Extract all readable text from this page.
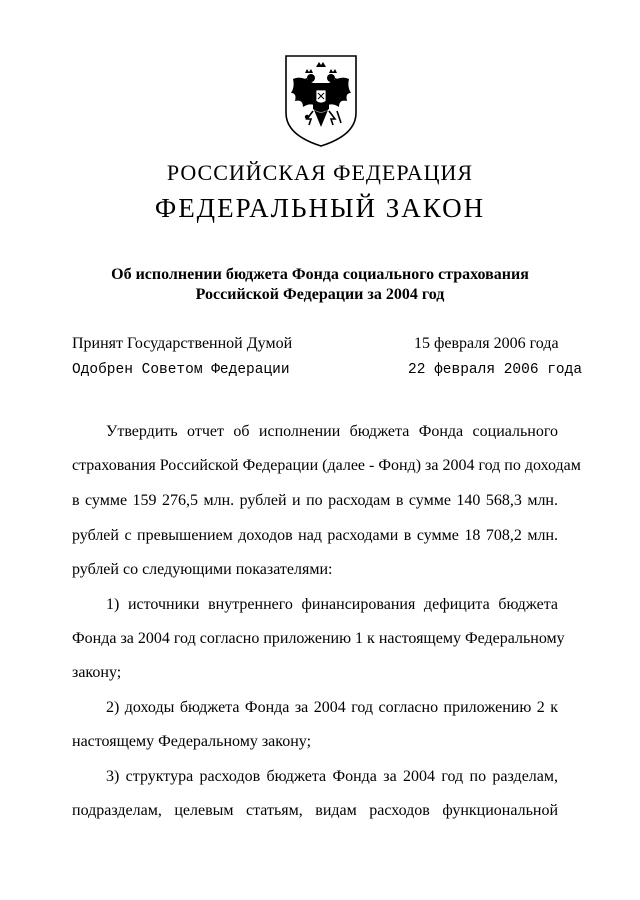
РОССИЙСКАЯ ФЕДЕРАЦИЯ
ФЕДЕРАЛЬНЫЙ ЗАКОН
Об исполнении бюджета Фонда социального страхования
Российской Федерации за 2004 год
Принят Государственной Думой	15 февраля 2006 года
Одобрен Советом Федерации	22 февраля 2006 года
Утвердить отчет об исполнении бюджета Фонда социального
страхования Российской Федерации (далее - Фонд) за 2004 год по доходам
в сумме 159 276,5 млн. рублей и по расходам в сумме 140 568,3 млн.
рублей с превышением доходов над расходами в сумме 18 708,2 млн.
рублей со следующими показателями:
1) источники внутреннего финансирования дефицита бюджета
Фонда за 2004 год согласно приложению 1 к настоящему Федеральному
закону;
2) доходы бюджета Фонда за 2004 год согласно приложению 2 к
настоящему Федеральному закону;
3) структура расходов бюджета Фонда за 2004 год по разделам,
подразделам, целевым статьям, видам расходов функциональной
